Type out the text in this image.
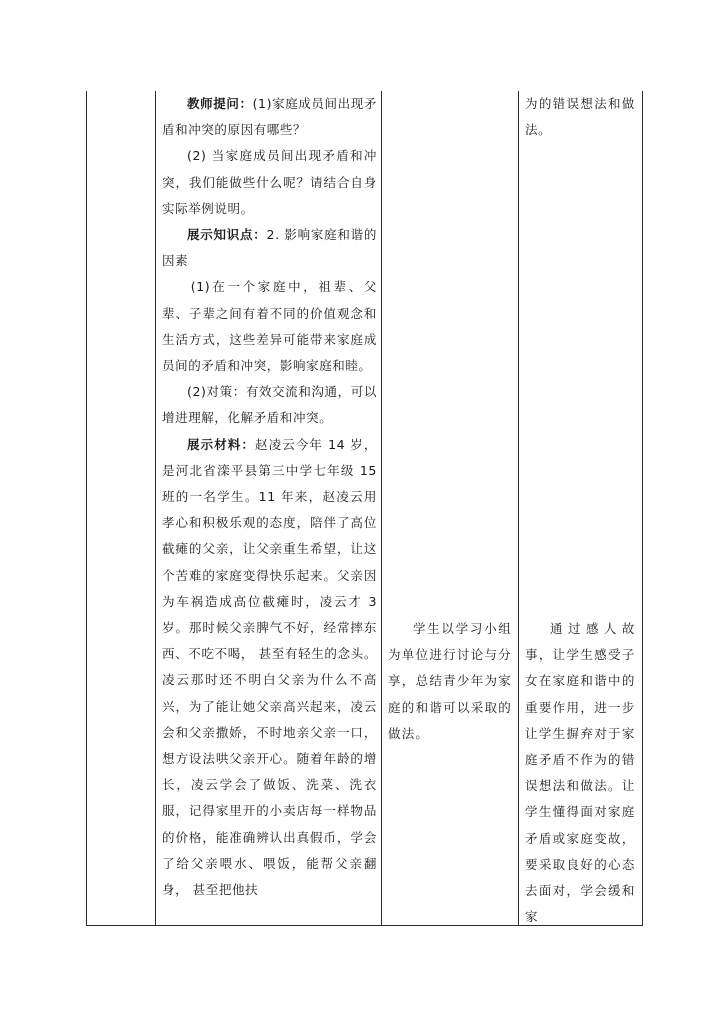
教师提问：(1)家庭成员间出现矛盾和冲突的原因有哪些？

(2) 当家庭成员间出现矛盾和冲突，我们能做些什么呢？请结合自身实际举例说明。

展示知识点：2. 影响家庭和谐的因素

(1)在一个家庭中，祖辈、父辈、子辈之间有着不同的价值观念和生活方式，这些差异可能带来家庭成员间的矛盾和冲突，影响家庭和睦。

(2)对策：有效交流和沟通，可以增进理解，化解矛盾和冲突。

展示材料：赵凌云今年 14 岁，是河北省滦平县第三中学七年级 15 班的一名学生。11 年来，赵凌云用孝心和积极乐观的态度，陪伴了高位截瘫的父亲，让父亲重生希望，让这个苦难的家庭变得快乐起来。父亲因为车祸造成高位截瘫时，凌云才 3 岁。那时候父亲脾气不好，经常摔东西、不吃不喝， 甚至有轻生的念头。凌云那时还不明白父亲为什么不高兴，为了能让她父亲高兴起来，凌云会和父亲撒娇，不时地亲父亲一口，想方设法哄父亲开心。随着年龄的增长，凌云学会了做饭、洗菜、洗衣服，记得家里开的小卖店每一样物品的价格，能准确辨认出真假币，学会了给父亲喂水、喂饭，能帮父亲翻身， 甚至把他扶

学生以学习小组为单位进行讨论与分享，总结青少年为家庭的和谐可以采取的做法。

为的错误想法和做法。

通过感人故事，让学生感受子女在家庭和谐中的重要作用，进一步让学生摒弃对于家庭矛盾不作为的错误想法和做法。让学生懂得面对家庭矛盾或家庭变故，要采取良好的心态去面对，学会缓和家
